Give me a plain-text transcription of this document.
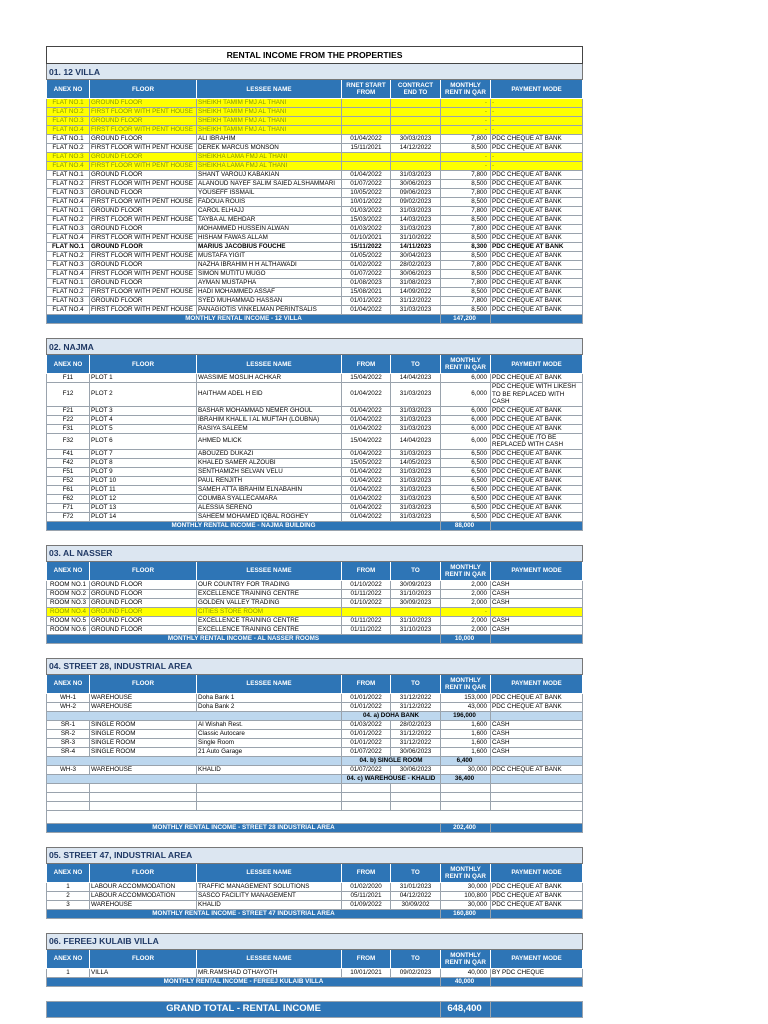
RENTAL INCOME FROM THE PROPERTIES						
01. 12 VILLA						
ANEX NO	FLOOR	LESSEE NAME	RNET START FROM	CONTRACT END TO	MONTHLY RENT IN QAR	PAYMENT MODE
FLAT NO.1	GROUND FLOOR	SHEIKH TAMIM FMJ AL THANI			-	-
FLAT NO.2	FIRST FLOOR WITH PENT HOUSE	SHEIKH TAMIM FMJ AL THANI			-	-
FLAT NO.3	GROUND FLOOR	SHEIKH TAMIM FMJ AL THANI			-	-
FLAT NO.4	FIRST FLOOR WITH PENT HOUSE	SHEIKH TAMIM FMJ AL THANI			-	-
FLAT NO.1	GROUND FLOOR	ALI IBRAHIM	01/04/2022	30/03/2023	7,800	PDC CHEQUE AT BANK
FLAT NO.2	FIRST FLOOR WITH PENT HOUSE	DEREK MARCUS MONSON	15/11/2021	14/12/2022	8,500	PDC CHEQUE AT BANK
FLAT NO.3	GROUND FLOOR	SHEIKHA LAMA FMJ AL THANI			-	-
FLAT NO.4	FIRST FLOOR WITH PENT HOUSE	SHEIKHA LAMA FMJ AL THANI			-	-
FLAT NO.1	GROUND FLOOR	SHANT VAROUJ KABAKIAN	01/04/2022	31/03/2023	7,800	PDC CHEQUE AT BANK
FLAT NO.2	FIRST FLOOR WITH PENT HOUSE	ALANOUD NAYEF SALIM SAIED ALSHAMMARI	01/07/2022	30/06/2023	8,500	PDC CHEQUE AT BANK
FLAT NO.3	GROUND FLOOR	YOUSEFF ISSMAIL	10/05/2022	09/06/2023	7,800	PDC CHEQUE AT BANK
FLAT NO.4	FIRST FLOOR WITH PENT HOUSE	FADOUA ROUIS	10/01/2022	09/02/2023	8,500	PDC CHEQUE AT BANK
FLAT NO.1	GROUND FLOOR	CAROL ELHAJJ	01/03/2022	31/03/2023	7,800	PDC CHEQUE AT BANK
FLAT NO.2	FIRST FLOOR WITH PENT HOUSE	TAYBA AL MEHDAR	15/03/2022	14/03/2023	8,500	PDC CHEQUE AT BANK
FLAT NO.3	GROUND FLOOR	MOHAMMED HUSSEIN ALWAN	01/03/2022	31/03/2023	7,800	PDC CHEQUE AT BANK
FLAT NO.4	FIRST FLOOR WITH PENT HOUSE	HISHAM FAWAS ALLAM	01/10/2021	31/10/2022	8,500	PDC CHEQUE AT BANK
FLAT NO.1	GROUND FLOOR	MARIUS JACOBIUS FOUCHE	15/11/2022	14/11/2023	8,300	PDC CHEQUE AT BANK
FLAT NO.2	FIRST FLOOR WITH PENT HOUSE	MUSTAFA YIGIT	01/05/2022	30/04/2023	8,500	PDC CHEQUE AT BANK
FLAT NO.3	GROUND FLOOR	NAZHA IBRAHIM H H ALTHAWADI	01/02/2022	28/02/2023	7,800	PDC CHEQUE AT BANK
FLAT NO.4	FIRST FLOOR WITH PENT HOUSE	SIMON MUTITU MUGO	01/07/2022	30/06/2023	8,500	PDC CHEQUE AT BANK
FLAT NO.1	GROUND FLOOR	AYMAN MUSTAPHA	01/08/2023	31/08/2023	7,800	PDC CHEQUE AT BANK
FLAT NO.2	FIRST FLOOR WITH PENT HOUSE	HADI MOHAMMED ASSAF	15/08/2021	14/09/2022	8,500	PDC CHEQUE AT BANK
FLAT NO.3	GROUND FLOOR	SYED MUHAMMAD HASSAN	01/01/2022	31/12/2022	7,800	PDC CHEQUE AT BANK
FLAT NO.4	FIRST FLOOR WITH PENT HOUSE	PANAGIOTIS VINKELMAN PERINTSALIS	01/04/2022	31/03/2023	8,500	PDC CHEQUE AT BANK
MONTHLY RENTAL INCOME - 12 VILLA					147,200	

02. NAJMA						
ANEX NO	FLOOR	LESSEE NAME	FROM	TO	MONTHLY RENT IN QAR	PAYMENT MODE
F11	PLOT 1	WASSIME MOSLIH ACHKAR	15/04/2022	14/04/2023	6,000	PDC CHEQUE AT BANK
F12	PLOT 2	HAITHAM ADEL H EID	01/04/2022	31/03/2023	6,000	PDC CHEQUE WITH LIKESH TO BE REPLACED WITH CASH
F21	PLOT 3	BASHAR MOHAMMAD NEMER GHOUL	01/04/2022	31/03/2023	6,000	PDC CHEQUE AT BANK
F22	PLOT 4	IBRAHIM KHALIL I AL MUFTAH (LOUBNA)	01/04/2022	31/03/2023	6,000	PDC CHEQUE AT BANK
F31	PLOT 5	RASIYA SALEEM	01/04/2022	31/03/2023	6,000	PDC CHEQUE AT BANK
F32	PLOT 6	AHMED MLICK	15/04/2022	14/04/2023	6,000	PDC CHEQUE /TO BE REPLACED WITH CASH
F41	PLOT 7	ABOUZED DUKAZI	01/04/2022	31/03/2023	6,500	PDC CHEQUE AT BANK
F42	PLOT 8	KHALED SAMER ALZOUBI	15/05/2022	14/05/2023	6,500	PDC CHEQUE AT BANK
F51	PLOT 9	SENTHAMIZH SELVAN VELU	01/04/2022	31/03/2023	6,500	PDC CHEQUE AT BANK
F52	PLOT 10	PAUL RENJITH	01/04/2022	31/03/2023	6,500	PDC CHEQUE AT BANK
F61	PLOT 11	SAMEH ATTA IBRAHIM ELNABAHIN	01/04/2022	31/03/2023	6,500	PDC CHEQUE AT BANK
F62	PLOT 12	COUMBA SYALLECAMARA	01/04/2022	31/03/2023	6,500	PDC CHEQUE AT BANK
F71	PLOT 13	ALESSIA SERENO	01/04/2022	31/03/2023	6,500	PDC CHEQUE AT BANK
F72	PLOT 14	SAHEEM MOHAMED IQBAL ROGHEY	01/04/2022	31/03/2023	6,500	PDC CHEQUE AT BANK
MONTHLY RENTAL INCOME - NAJMA BUILDING					88,000	

03. AL NASSER						
ANEX NO	FLOOR	LESSEE NAME	FROM	TO	MONTHLY RENT IN QAR	PAYMENT MODE
ROOM NO.1	GROUND FLOOR	OUR COUNTRY FOR TRADING	01/10/2022	30/09/2023	2,000	CASH
ROOM NO.2	GROUND FLOOR	EXCELLENCE TRAINING CENTRE	01/11/2022	31/10/2023	2,000	CASH
ROOM NO.3	GROUND FLOOR	GOLDEN VALLEY TRADING	01/10/2022	30/09/2023	2,000	CASH
ROOM NO.4	GROUND FLOOR	CITIES STORE ROOM			-	
ROOM NO.5	GROUND FLOOR	EXCELLENCE TRAINING CENTRE	01/11/2022	31/10/2023	2,000	CASH
ROOM NO.6	GROUND FLOOR	EXCELLENCE TRAINING CENTRE	01/11/2022	31/10/2023	2,000	CASH
MONTHLY RENTAL INCOME - AL NASSER ROOMS					10,000	

04. STREET 28, INDUSTRIAL AREA						
ANEX NO	FLOOR	LESSEE NAME	FROM	TO	MONTHLY RENT IN QAR	PAYMENT MODE
WH-1	WAREHOUSE	Doha Bank 1	01/01/2022	31/12/2022	153,000	PDC CHEQUE AT BANK
WH-2	WAREHOUSE	Doha Bank 2	01/01/2022	31/12/2022	43,000	PDC CHEQUE AT BANK
			04. a) DOHA BANK		196,000	
SR-1	SINGLE ROOM	Al Wishah Rest.	01/03/2022	28/02/2023	1,600	CASH
SR-2	SINGLE ROOM	Classic Autocare	01/01/2022	31/12/2022	1,600	CASH
SR-3	SINGLE ROOM	Single Room	01/01/2022	31/12/2022	1,600	CASH
SR-4	SINGLE ROOM	21 Auto Garage	01/07/2022	30/06/2023	1,600	CASH
			04. b) SINGLE ROOM		6,400	
WH-3	WAREHOUSE	KHALID	01/07/2022	30/06/2023	30,000	PDC CHEQUE AT BANK
			04. c) WAREHOUSE - KHALID		36,400	

MONTHLY RENTAL INCOME - STREET 28 INDUSTRIAL AREA					202,400	

05. STREET 47, INDUSTRIAL AREA						
ANEX NO	FLOOR	LESSEE NAME	FROM	TO	MONTHLY RENT IN QAR	PAYMENT MODE
1	LABOUR ACCOMMODATION	TRAFFIC MANAGEMENT SOLUTIONS	01/02/2020	31/01/2023	30,000	PDC CHEQUE AT BANK
2	LABOUR ACCOMMODATION	SASCO FACILITY MANAGEMENT	05/11/2021	04/12/2022	100,800	PDC CHEQUE AT BANK
3	WAREHOUSE	KHALID	01/09/2022	30/09/202	30,000	PDC CHEQUE AT BANK
MONTHLY RENTAL INCOME - STREET 47 INDUSTRIAL AREA					160,800	

06. FEREEJ KULAIB VILLA						
ANEX NO	FLOOR	LESSEE NAME	FROM	TO	MONTHLY RENT IN QAR	PAYMENT MODE
1	VILLA	MR.RAMSHAD OTHAYOTH	10/01/2021	09/02/2023	40,000	BY PDC CHEQUE
MONTHLY RENTAL INCOME - FEREEJ KULAIB VILLA					40,000	

GRAND TOTAL - RENTAL INCOME					648,400	
